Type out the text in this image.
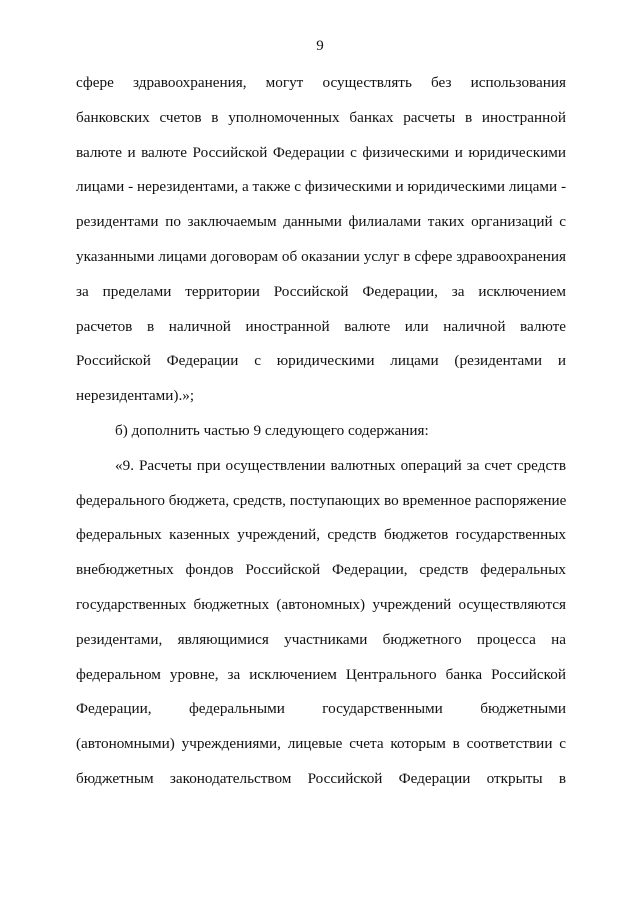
9
сфере здравоохранения, могут осуществлять без использования
банковских счетов в уполномоченных банках расчеты в иностранной
валюте и валюте Российской Федерации с физическими и юридическими
лицами - нерезидентами, а также с физическими и юридическими лицами -
резидентами по заключаемым данными филиалами таких организаций с
указанными лицами договорам об оказании услуг в сфере здравоохранения
за пределами территории Российской Федерации, за исключением
расчетов в наличной иностранной валюте или наличной валюте
Российской Федерации с юридическими лицами (резидентами и
нерезидентами).»;
б) дополнить частью 9 следующего содержания:
«9. Расчеты при осуществлении валютных операций за счет средств
федерального бюджета, средств, поступающих во временное распоряжение
федеральных казенных учреждений, средств бюджетов государственных
внебюджетных фондов Российской Федерации, средств федеральных
государственных бюджетных (автономных) учреждений осуществляются
резидентами, являющимися участниками бюджетного процесса на
федеральном уровне, за исключением Центрального банка Российской
Федерации, федеральными государственными бюджетными
(автономными) учреждениями, лицевые счета которым в соответствии с
бюджетным законодательством Российской Федерации открыты в
